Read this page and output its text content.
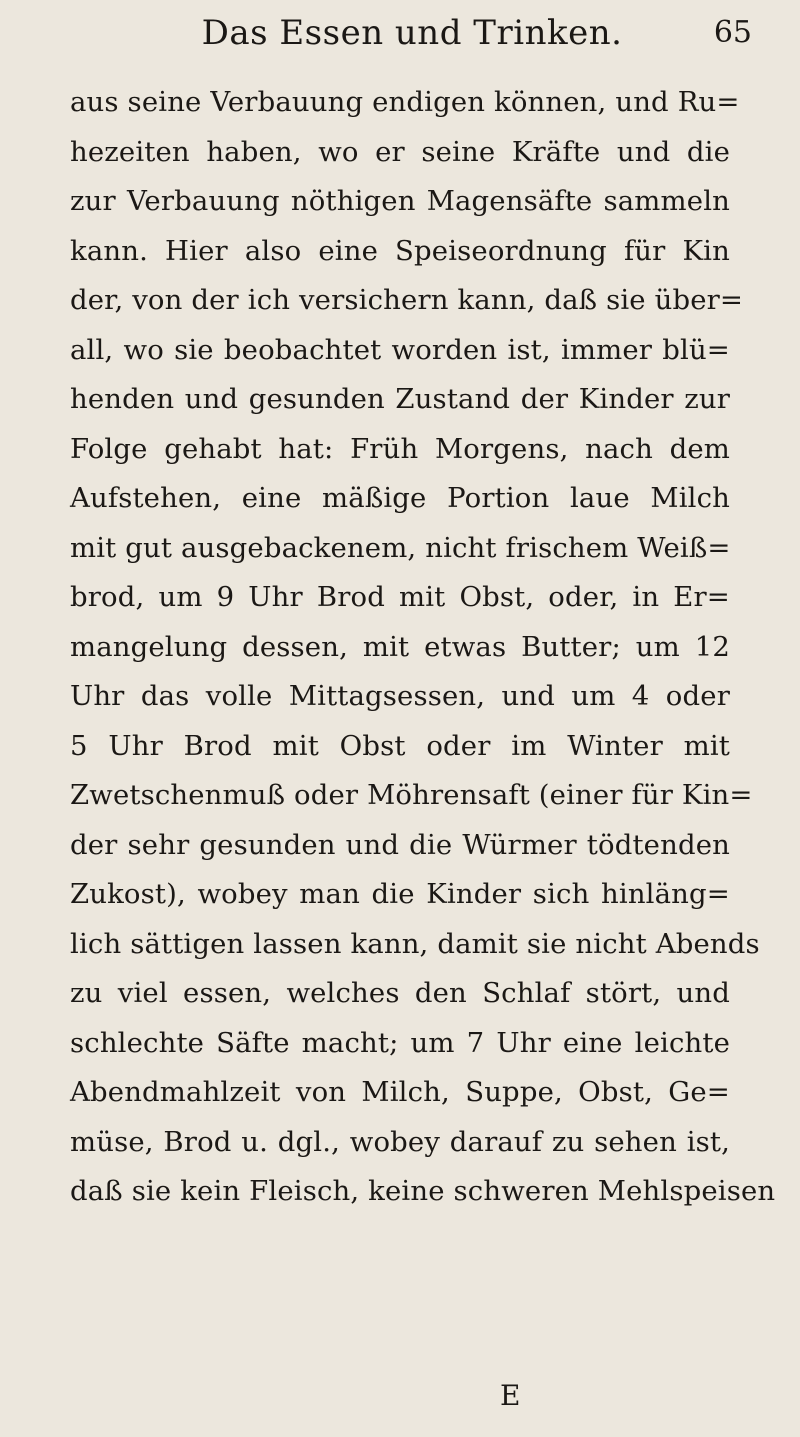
Das Essen und Trinken.	65
aus seine Verbauung endigen können, und Ru=
hezeiten haben, wo er seine Kräfte und die
zur Verbauung nöthigen Magensäfte sammeln
kann. Hier also eine Speiseordnung für Kin
der, von der ich versichern kann, daß sie über=
all, wo sie beobachtet worden ist, immer blü=
henden und gesunden Zustand der Kinder zur
Folge gehabt hat: Früh Morgens, nach dem
Aufstehen, eine mäßige Portion laue Milch
mit gut ausgebackenem, nicht frischem Weiß=
brod, um 9 Uhr Brod mit Obst, oder, in Er=
mangelung dessen, mit etwas Butter; um 12
Uhr das volle Mittagsessen, und um 4 oder
5 Uhr Brod mit Obst oder im Winter mit
Zwetschenmuß oder Möhrensaft (einer für Kin=
der sehr gesunden und die Würmer tödtenden
Zukost), wobey man die Kinder sich hinläng=
lich sättigen lassen kann, damit sie nicht Abends
zu viel essen, welches den Schlaf stört, und
schlechte Säfte macht; um 7 Uhr eine leichte
Abendmahlzeit von Milch, Suppe, Obst, Ge=
müse, Brod u. dgl., wobey darauf zu sehen ist,
daß sie kein Fleisch, keine schweren Mehlspeisen
E
